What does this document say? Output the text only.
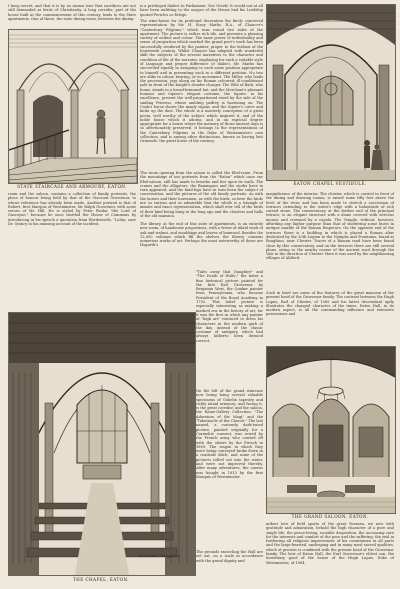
I keep secret, and that it is by no means true that sacrifices are not still demanded as fruits of Christianity. A long corridor, part of the house built at the commencement of this century, leads to the State apartments. One of these, the state dining-room, between the dining-
STATE STAIRCASE AND ARMOURY, EATON.
is a privileged dialect in Parliament. Not Greek! It would not at all have been unfitting to the usages of the House had his Lordship quoted Pericles or Erlege.
The wine-house for its profound decoration the finely conceived representation by Mr. H. Stacy Marks, R.A., of Chaucer's "Canterbury Pilgrims," which runs round two sides of the apartment. The picture is rather rich tile, and presents a pleasing variety of outline and colour. The same power of individuality and sense of proportion which marked the grand poet's work has been successfully rendered by the painter, proper to the fashion of the fourteenth century. Whilst Chaucer has adapted with wonderful skill the subjects of the several narratives to the character and condition of life of the narrator, employing for each a suitable style of language and proper difference of dialect, Mr. Marks has succeeded equally in assigning to each some position appropriate to himself and in presenting each in a different position. No two are alike in colour, bearing, or in movement. The Miller, who leads the procession, jogs along on his Roman coloured; ill-conditioned jade in front of the Knight's slender charger. The Wife of Bath, who hums, stands in a broad-brimmed hat, and the Merchant's pleasant humour and Squire's elegant costume, the Squire, in his excellence, present the well-proportioned steed by the side of the smiling Prioress, whose ambling palfrey is hastening on. The Cook's horse shows the manly vigour, and the Squire's curve and kicks up the dust. The whole is a masterly conception of a great poem, well worthy of the subject which inspired it, and of the noble house which it adorns, and in an especial degree appropriate for a house where the memory of those ancient days is so affectionately preserved. It belongs to the representations of the Canterbury Pilgrims in the Duke of Westminster's own collection, and is among other distinctions, known as having lent Ormonde, the great horse of the century.
The room opening from the saloon is called the Ebel-room. From the mountings of our portraits from the "Eaton" which once our Ebel-saloon, still has made to breathe and live upon its walls. The cranes and the alligators, the flamingoes and the storks have in turn appeared, and the hind-legs have in turn been the subject of conversation, and the pictures of the old family portraits. As with the horses and their horsemen, as with the birds, so here the birds are so various and so admirable that the whole is a triumph of minute and exact representation, which shall ever tell of the birds of their kind being hung in the long ago and the cloisters and halls of the old mansion.
The library, at the end of this suite of apartments, is an entirely new room, of handsome proportions, with a frieze of inlaid work of oak and walnut, and mouldings and leaves of boxwood. Besides the 12,000 volumes which fill the shelves the library contains numerous works of art. Perhaps the most noteworthy of these are Hogarth's
"Tales away that Daughter" and "The Death of Wolfe," the latter a fine historical picture painted for the first Earl Grosvenor by Benjamin West, the Quaker painter from Pennsylvania, who became President of the Royal Academy in 1792. This latter picture is especially interesting as making a marked era in the history of art, for it was the first in which any painter of "high art" ventured to dress his characters in the modern garb of the day, instead of the classic costume of antiquity, which had always hitherto been deemed correct.
On the left of the grand staircase now being hung several valuable specimens of Gobelin tapestry and richly inlaid armoury; and facing it, is the great corridor, and the saloon, the Raine-Gallery Collection. "The Adoration of the Magi" and the "Tabernacle of the Church." The last named, a curiously dark-toned picture, painted originally for a Carmelite convent, was seized by the French army who carried off with the others by the French in 1809. The wagon in which they were being conveyed broke down in a roadside ditch, and some of the pictures rolled out into the water, and were not improved thereby. After many adventures, the canvas was bought in 1813 by the first Marquis of Westminster.
The grounds encircling the Hall are set out, on a scale in accordance with the grand dignity and
EATON CHAPEL VESTIBULE.
room and the saloon, contains a collection of family portraits, the place of honour being held by that of the Viscount Grosvenor, to whose reference has already been made. Another portrait is that of Robert, first Marquis of Westminster, Sir Ralph Grosvenor, with some verses of Mr. Hill. He is styled by Peter Pindar "the Lord of Gascoyne," because he once startled the House of Commons by introducing in his speech a quotation from Wordsworth, "Lolita, save Dr. Quincy in his amusing account of the incident,
Holland Tringham
THE CHAPEL, EATON.
magnificence of the interior. The cloister, which is carried in front of the dining and drawing rooms, is raised some fifty feet above the level of the river, and has been made to stretch a succession of terraces extending to the water's edge with a balustrade of rich carved stone. The conservatory, at the farther end of the principal terrace, is an elegant structure with a dome covered with vitreous mosaic and crowned by a cupola. The Temple, without, however, affording any higher purpose than that of sheltering some busts in antique marble of the Roman Emperors. On the opposite end of the terraces there is a building in which is placed a Roman altar dedicated by the 20th Legion to the Nymphs and Fountains, found at Boughton, near Chester. Traces of a Roman road have been found close by this conservatory, and on the terraces there are still several plans, owing to the nearby course of the ancient road through the Vale in the direction of Chester. Here it was used by the neighbouring villages of Aldford.
Such in brief are some of the features of the great mansion of the present head of the Grosvenor family. The contrast between the Hugh Lupus, Earl of Chester, of 1065 and his latest descendant aptly illustrates the changed character of the times. Eaton Hall, in its modern aspect, is all the commanding influence and extensive possessions and
THE GRAND SALOON, EATON.
ardent love of field sports of the great Norman, we now with gratitude and admiration, behold the high character of a pure and single life, the peace-loving, sociable disposition, the unceasing care for the interests and comfort of the poor and the suffering, the zeal in furthering all religious improvement of his countrymen in all parts and the large-hearted, unsleeping and in many most sacred qualities, which at present is combined with the present head of the Grosvenor family. The heir of Eaton Hall, the Earl Grosvenor's eldest son, the hereditary good of the house of the Hugh Lupus, Duke of Westminster, of 1984.
